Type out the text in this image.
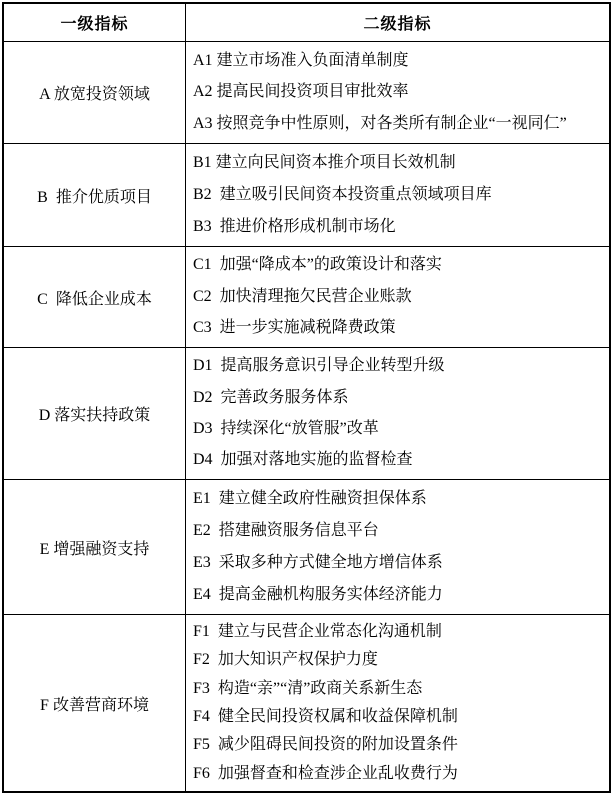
一级指标	二级指标
A 放宽投资领域
A1 建立市场准入负面清单制度
A2 提高民间投资项目审批效率
A3 按照竞争中性原则，对各类所有制企业“一视同仁”
B  推介优质项目
B1 建立向民间资本推介项目长效机制
B2  建立吸引民间资本投资重点领域项目库
B3  推进价格形成机制市场化
C  降低企业成本
C1  加强“降成本”的政策设计和落实
C2  加快清理拖欠民营企业账款
C3  进一步实施减税降费政策
D 落实扶持政策
D1  提高服务意识引导企业转型升级
D2  完善政务服务体系
D3  持续深化“放管服”改革
D4  加强对落地实施的监督检查
E 增强融资支持
E1  建立健全政府性融资担保体系
E2  搭建融资服务信息平台
E3  采取多种方式健全地方增信体系
E4  提高金融机构服务实体经济能力
F 改善营商环境
F1  建立与民营企业常态化沟通机制
F2  加大知识产权保护力度
F3  构造“亲”“清”政商关系新生态
F4  健全民间投资权属和收益保障机制
F5  减少阻碍民间投资的附加设置条件
F6  加强督查和检查涉企业乱收费行为
